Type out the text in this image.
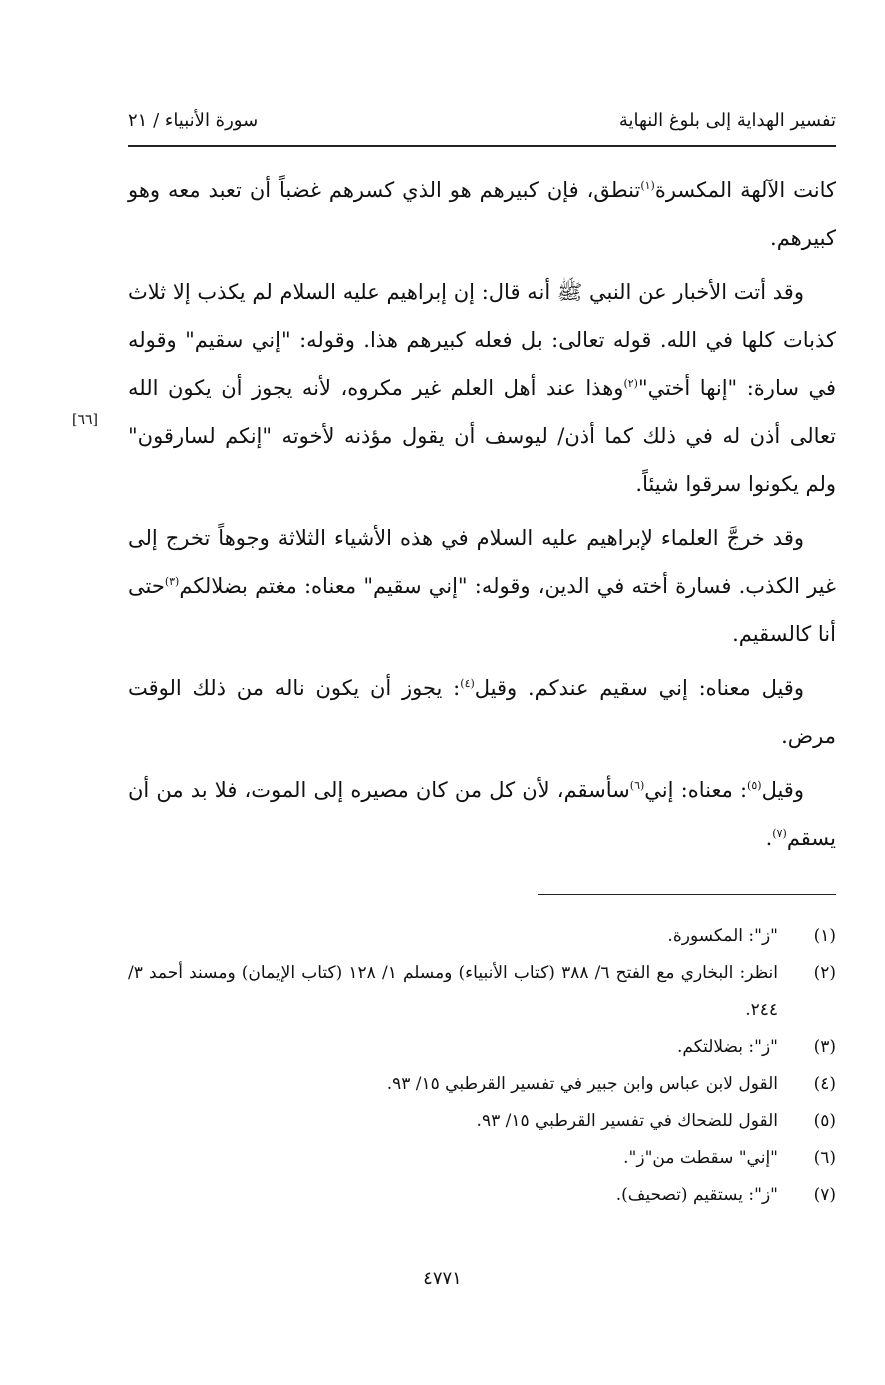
تفسير الهداية إلى بلوغ النهاية
سورة الأنبياء / ٢١

كانت الآلهة المكسرة$^{(١)}$تنطق، فإن كبيرهم هو الذي كسرهم غضباً أن تعبد معه وهو كبيرهم.

وقد أتت الأخبار عن النبي ﷺ أنه قال: إن إبراهيم عليه السلام لم يكذب إلا ثلاث كذبات كلها في الله. قوله تعالى: بل فعله كبيرهم هذا. وقوله: "إني سقيم" وقوله في سارة: "إنها أختي"$^{(٢)}$وهذا عند أهل العلم غير مكروه، لأنه يجوز أن يكون الله تعالى أذن له في ذلك كما أذن/ ليوسف أن يقول مؤذنه لأخوته "إنكم لسارقون" ولم يكونوا سرقوا شيئاً.

وقد خرجَّ العلماء لإبراهيم عليه السلام في هذه الأشياء الثلاثة وجوهاً تخرج إلى غير الكذب. فسارة أخته في الدين، وقوله: "إني سقيم" معناه: مغتم بضلالكم$^{(٣)}$حتى أنا كالسقيم.

وقيل معناه: إني سقيم عندكم. وقيل$^{(٤)}$: يجوز أن يكون ناله من ذلك الوقت مرض.

وقيل$^{(٥)}$: معناه: إني$^{(٦)}$سأسقم، لأن كل من كان مصيره إلى الموت، فلا بد من أن يسقم$^{(٧)}$.

[٦٦]
(١)
"ز": المكسورة.
(٢)
انظر: البخاري مع الفتح ٦/ ٣٨٨ (كتاب الأنبياء) ومسلم ١/ ١٢٨ (كتاب الإيمان) ومسند أحمد ٣/ ٢٤٤.
(٣)
"ز": بضلالتكم.
(٤)
القول لابن عباس وابن جبير في تفسير القرطبي ١٥/ ٩٣.
(٥)
القول للضحاك في تفسير القرطبي ١٥/ ٩٣.
(٦)
"إني" سقطت من"ز".
(٧)
"ز": يستقيم (تصحيف).
٤٧٧١
